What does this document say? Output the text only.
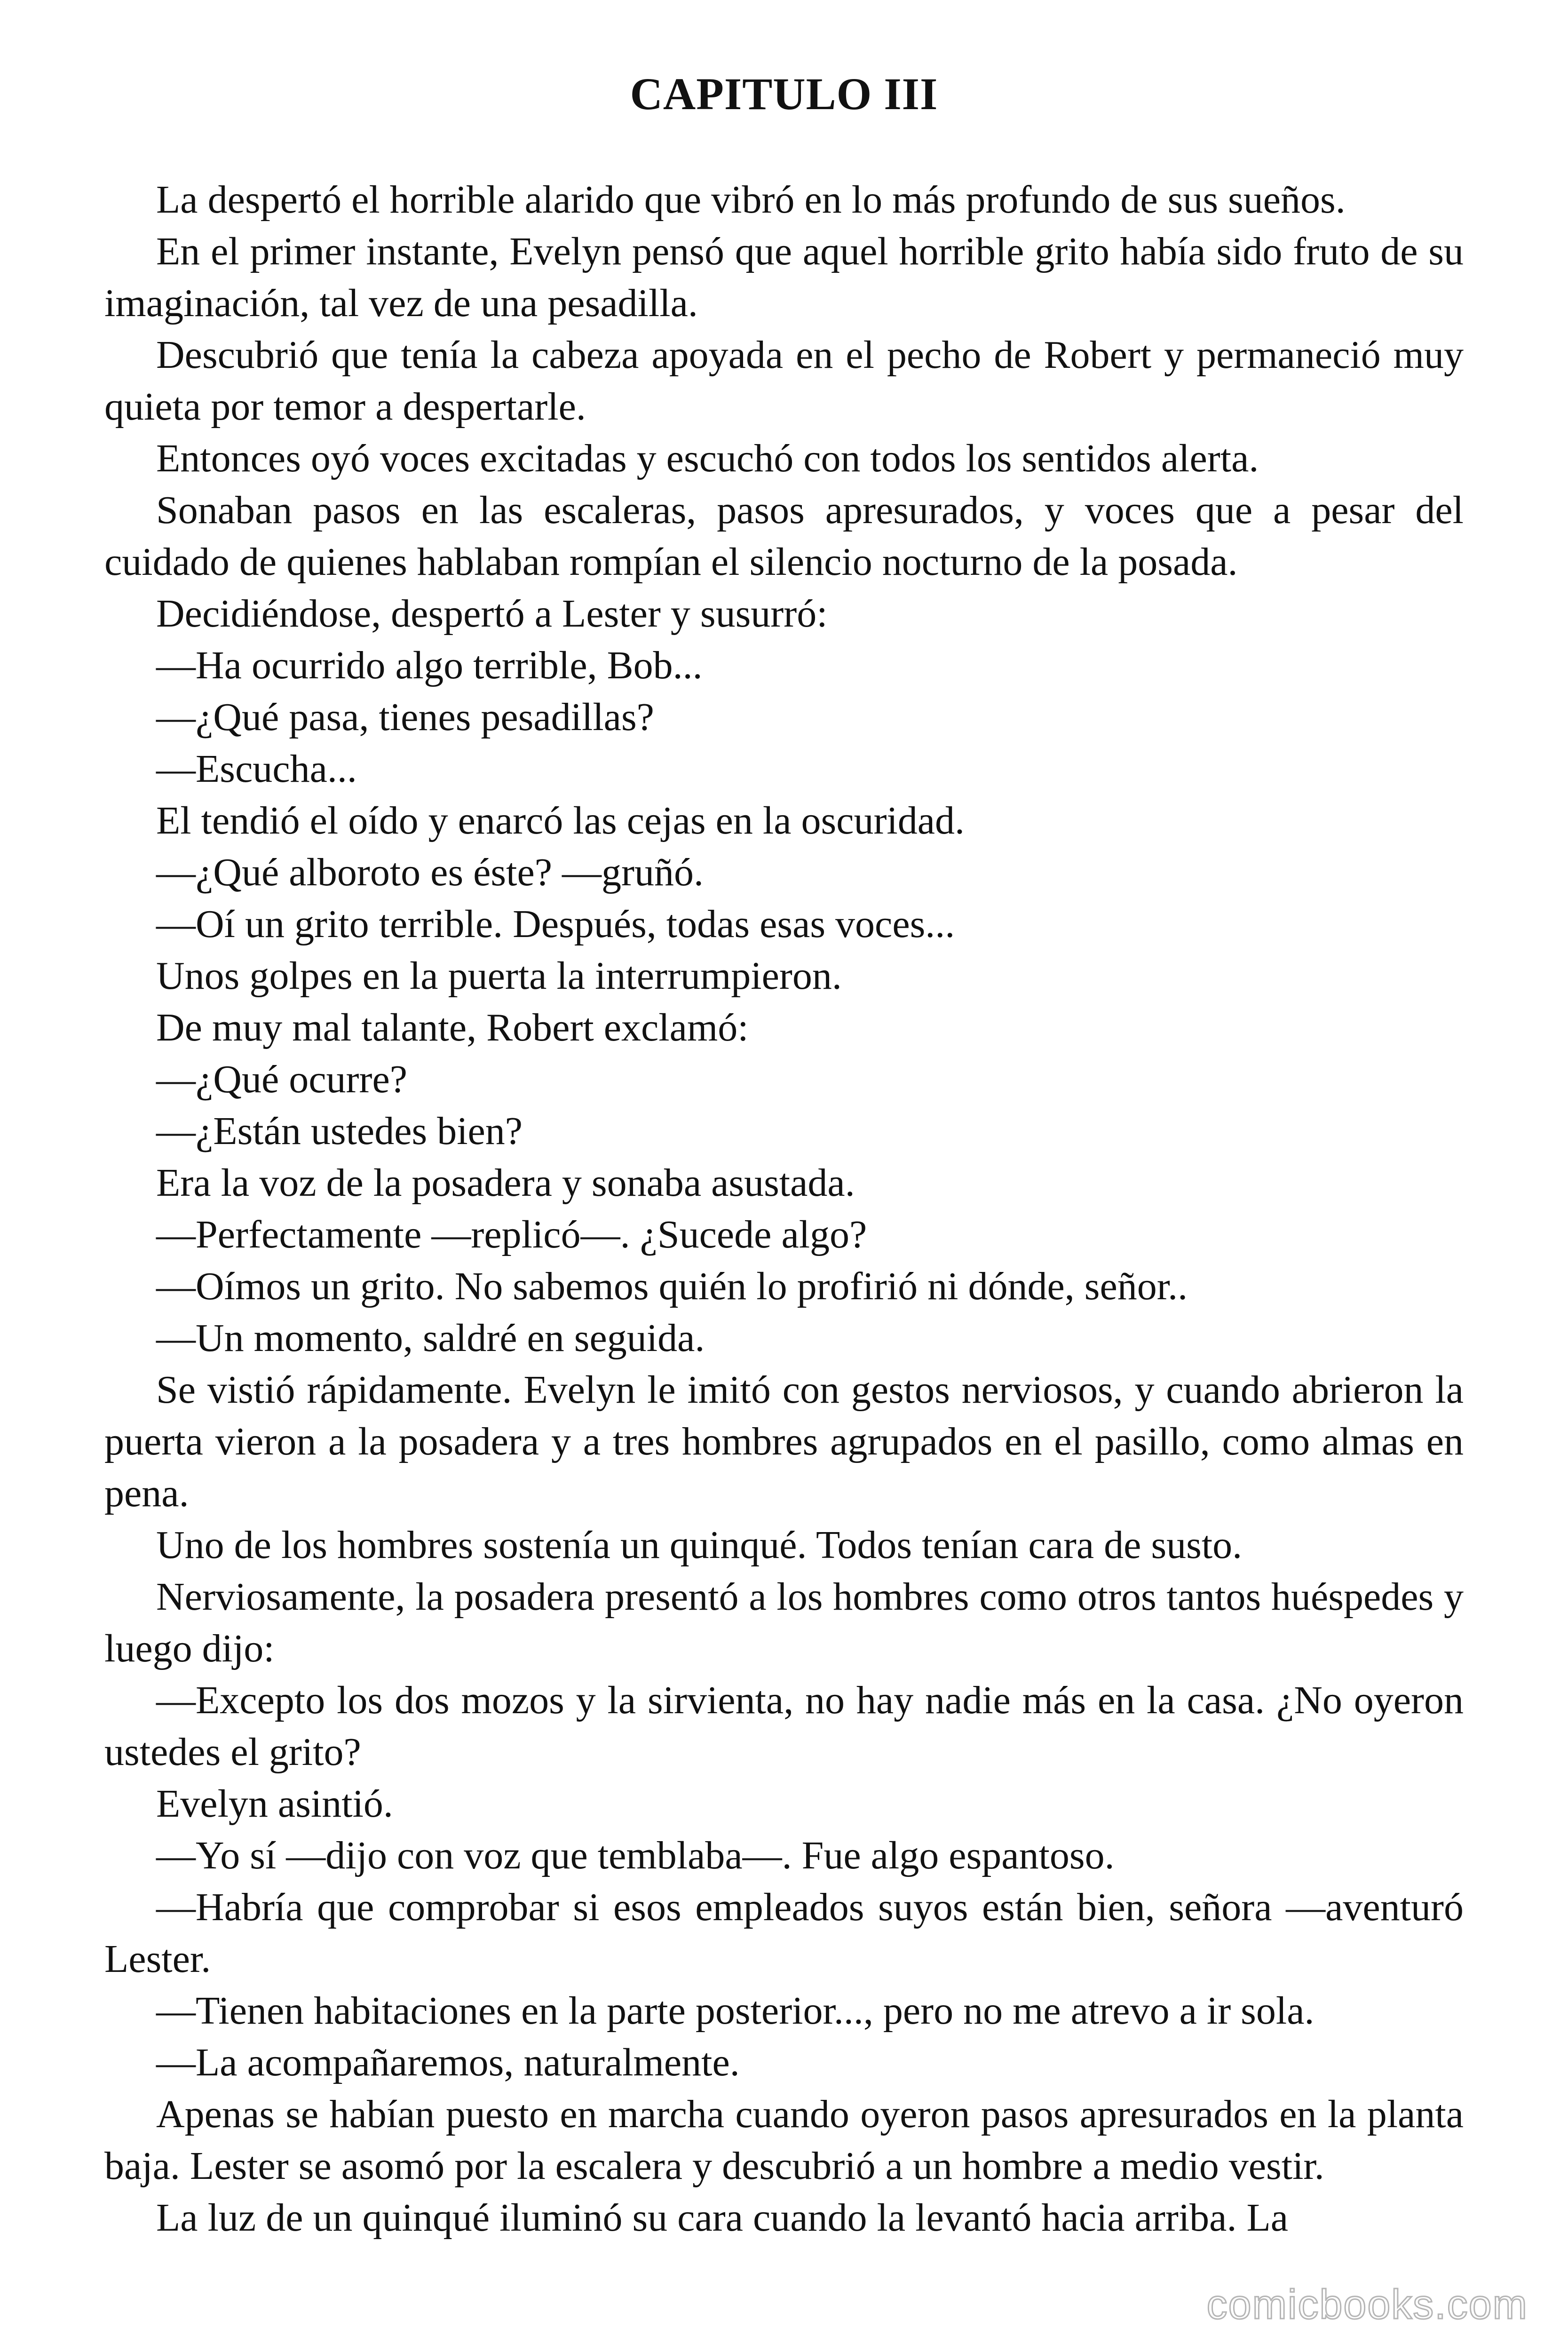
CAPITULO III

La despertó el horrible alarido que vibró en lo más profundo de sus sueños.

En el primer instante, Evelyn pensó que aquel horrible grito había sido fruto de su imaginación, tal vez de una pesadilla.

Descubrió que tenía la cabeza apoyada en el pecho de Robert y permaneció muy quieta por temor a despertarle.

Entonces oyó voces excitadas y escuchó con todos los sentidos alerta.

Sonaban pasos en las escaleras, pasos apresurados, y voces que a pesar del cuidado de quienes hablaban rompían el silencio nocturno de la posada.

Decidiéndose, despertó a Lester y susurró:

—Ha ocurrido algo terrible, Bob...

—¿Qué pasa, tienes pesadillas?

—Escucha...

El tendió el oído y enarcó las cejas en la oscuridad.

—¿Qué alboroto es éste? —gruñó.

—Oí un grito terrible. Después, todas esas voces...

Unos golpes en la puerta la interrumpieron.

De muy mal talante, Robert exclamó:

—¿Qué ocurre?

—¿Están ustedes bien?

Era la voz de la posadera y sonaba asustada.

—Perfectamente —replicó—. ¿Sucede algo?

—Oímos un grito. No sabemos quién lo profirió ni dónde, señor..

—Un momento, saldré en seguida.

Se vistió rápidamente. Evelyn le imitó con gestos nerviosos, y cuando abrieron la puerta vieron a la posadera y a tres hombres agrupados en el pasillo, como almas en pena.

Uno de los hombres sostenía un quinqué. Todos tenían cara de susto.

Nerviosamente, la posadera presentó a los hombres como otros tantos huéspedes y luego dijo:

—Excepto los dos mozos y la sirvienta, no hay nadie más en la casa. ¿No oyeron ustedes el grito?

Evelyn asintió.

—Yo sí —dijo con voz que temblaba—. Fue algo espantoso.

—Habría que comprobar si esos empleados suyos están bien, señora —aventuró Lester.

—Tienen habitaciones en la parte posterior..., pero no me atrevo a ir sola.

—La acompañaremos, naturalmente.

Apenas se habían puesto en marcha cuando oyeron pasos apresurados en la planta baja. Lester se asomó por la escalera y descubrió a un hombre a medio vestir.

La luz de un quinqué iluminó su cara cuando la levantó hacia arriba. La

comicbooks.com
